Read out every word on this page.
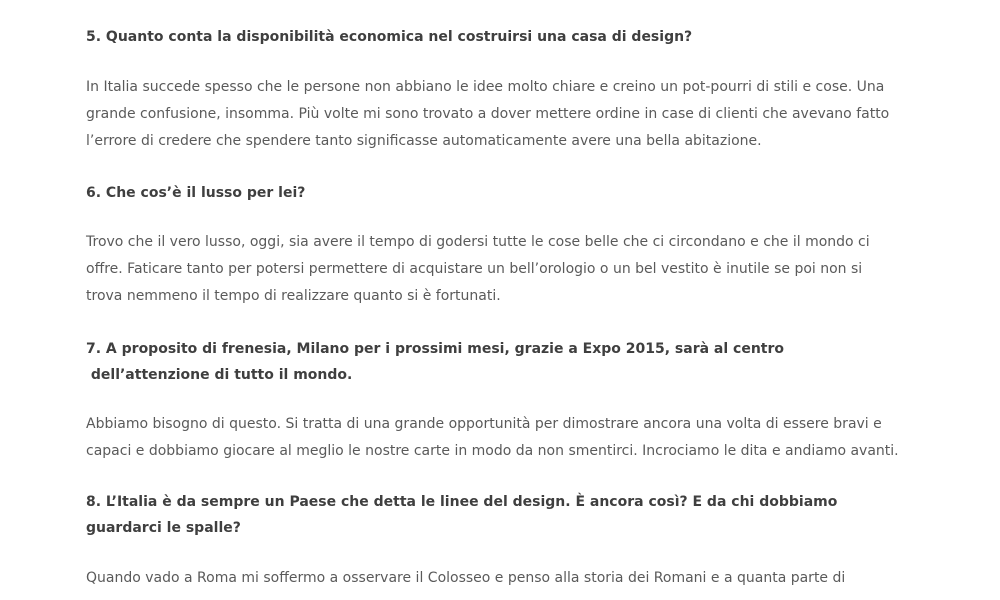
5. Quanto conta la disponibilità economica nel costruirsi una casa di design?

In Italia succede spesso che le persone non abbiano le idee molto chiare e creino un pot-pourri di stili e cose. Una
grande confusione, insomma. Più volte mi sono trovato a dover mettere ordine in case di clienti che avevano fatto
l’errore di credere che spendere tanto significasse automaticamente avere una bella abitazione.

6. Che cos’è il lusso per lei?

Trovo che il vero lusso, oggi, sia avere il tempo di godersi tutte le cose belle che ci circondano e che il mondo ci
offre. Faticare tanto per potersi permettere di acquistare un bell’orologio o un bel vestito è inutile se poi non si
trova nemmeno il tempo di realizzare quanto si è fortunati.

7. A proposito di frenesia, Milano per i prossimi mesi, grazie a Expo 2015, sarà al centro
dell’attenzione di tutto il mondo.

Abbiamo bisogno di questo. Si tratta di una grande opportunità per dimostrare ancora una volta di essere bravi e
capaci e dobbiamo giocare al meglio le nostre carte in modo da non smentirci. Incrociamo le dita e andiamo avanti.

8. L’Italia è da sempre un Paese che detta le linee del design. È ancora così? E da chi dobbiamo
guardarci le spalle?

Quando vado a Roma mi soffermo a osservare il Colosseo e penso alla storia dei Romani e a quanta parte di
